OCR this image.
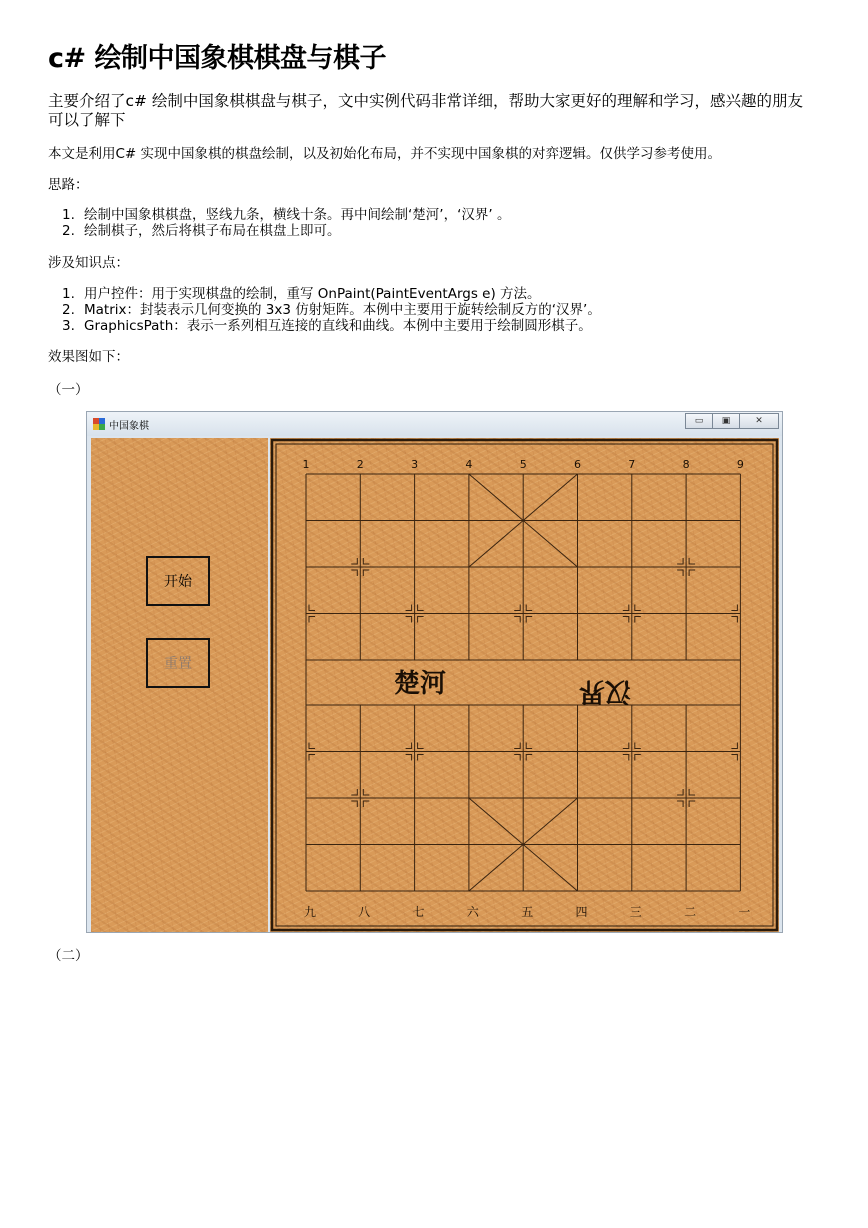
c# 绘制中国象棋棋盘与棋子

主要介绍了c# 绘制中国象棋棋盘与棋子，文中实例代码非常详细，帮助大家更好的理解和学习，感兴趣的朋友可以了解下

本文是利用C# 实现中国象棋的棋盘绘制，以及初始化布局，并不实现中国象棋的对弈逻辑。仅供学习参考使用。

思路：

1. 绘制中国象棋棋盘，竖线九条，横线十条。再中间绘制‘楚河’，‘汉界’ 。
2. 绘制棋子，然后将棋子布局在棋盘上即可。

涉及知识点：

1. 用户控件：用于实现棋盘的绘制，重写 OnPaint(PaintEventArgs e) 方法。
2. Matrix：封装表示几何变换的 3x3 仿射矩阵。本例中主要用于旋转绘制反方的‘汉界’。
3. GraphicsPath：表示一系列相互连接的直线和曲线。本例中主要用于绘制圆形棋子。

效果图如下：

（一）
中国象棋	▭	▣	✕
开始
重置
1	2	3	4	5	6	7	8	9
九	八	七	六	五	四	三	二	一
楚河	汉界
（二）
